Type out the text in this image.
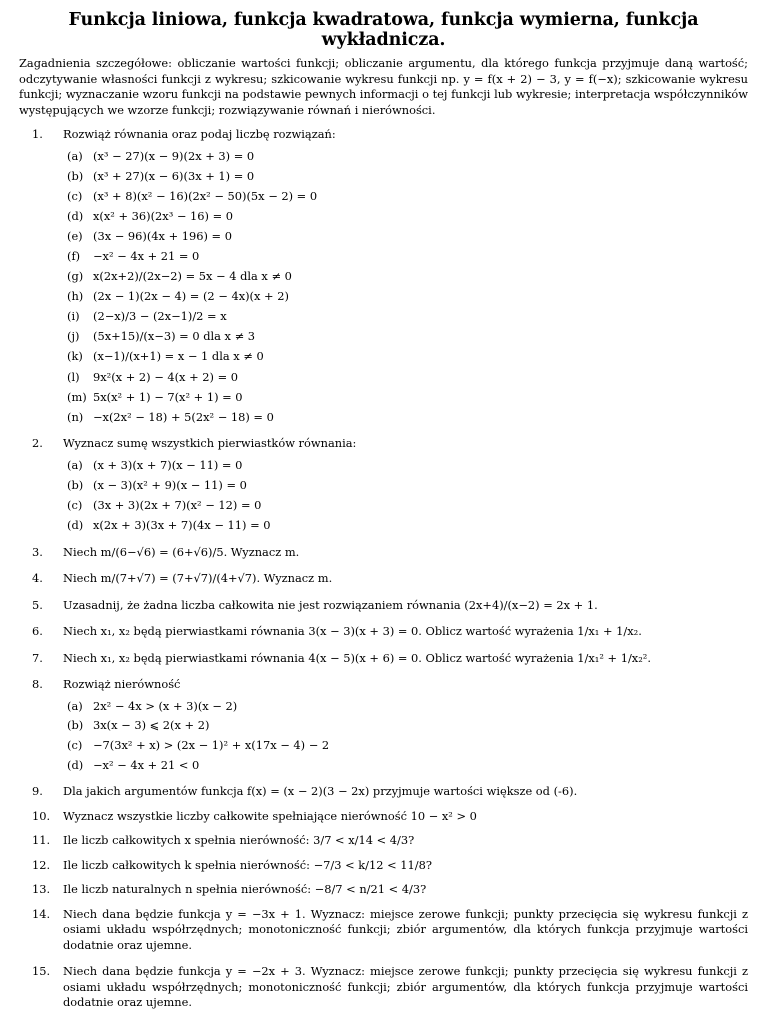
Funkcja liniowa, funkcja kwadratowa, funkcja wymierna, funkcja wykładnicza.

Zagadnienia szczegółowe: obliczanie wartości funkcji; obliczanie argumentu, dla którego funkcja przyjmuje daną wartość; odczytywanie własności funkcji z wykresu; szkicowanie wykresu funkcji np. y = f(x + 2) − 3, y = f(−x); szkicowanie wykresu funkcji; wyznaczanie wzoru funkcji na podstawie pewnych informacji o tej funkcji lub wykresie; interpretacja współczynników występujących we wzorze funkcji; rozwiązywanie równań i nierówności.

1. Rozwiąż równania oraz podaj liczbę rozwiązań:
(a) (x³ − 27)(x − 9)(2x + 3) = 0
(b) (x³ + 27)(x − 6)(3x + 1) = 0
(c) (x³ + 8)(x² − 16)(2x² − 50)(5x − 2) = 0
(d) x(x² + 36)(2x³ − 16) = 0
(e) (3x − 96)(4x + 196) = 0
(f) −x² − 4x + 21 = 0
(g) x(2x+2)/(2x−2) = 5x − 4 dla x ≠ 0
(h) (2x − 1)(2x − 4) = (2 − 4x)(x + 2)
(i) (2−x)/3 − (2x−1)/2 = x
(j) (5x+15)/(x−3) = 0 dla x ≠ 3
(k) (x−1)/(x+1) = x − 1 dla x ≠ 0
(l) 9x²(x + 2) − 4(x + 2) = 0
(m) 5x(x² + 1) − 7(x² + 1) = 0
(n) −x(2x² − 18) + 5(2x² − 18) = 0
2. Wyznacz sumę wszystkich pierwiastków równania:
(a) (x + 3)(x + 7)(x − 11) = 0
(b) (x − 3)(x² + 9)(x − 11) = 0
(c) (3x + 3)(2x + 7)(x² − 12) = 0
(d) x(2x + 3)(3x + 7)(4x − 11) = 0
3. Niech m/(6−√6) = (6+√6)/5. Wyznacz m.
4. Niech m/(7+√7) = (7+√7)/(4+√7). Wyznacz m.
5. Uzasadnij, że żadna liczba całkowita nie jest rozwiązaniem równania (2x+4)/(x−2) = 2x + 1.
6. Niech x₁, x₂ będą pierwiastkami równania 3(x − 3)(x + 3) = 0. Oblicz wartość wyrażenia 1/x₁ + 1/x₂.
7. Niech x₁, x₂ będą pierwiastkami równania 4(x − 5)(x + 6) = 0. Oblicz wartość wyrażenia 1/x₁² + 1/x₂².
8. Rozwiąż nierówność
(a) 2x² − 4x > (x + 3)(x − 2)
(b) 3x(x − 3) ⩽ 2(x + 2)
(c) −7(3x² + x) > (2x − 1)² + x(17x − 4) − 2
(d) −x² − 4x + 21 < 0
9. Dla jakich argumentów funkcja f(x) = (x − 2)(3 − 2x) przyjmuje wartości większe od (-6).
10. Wyznacz wszystkie liczby całkowite spełniające nierówność 10 − x² > 0
11. Ile liczb całkowitych x spełnia nierówność: 3/7 < x/14 < 4/3?
12. Ile liczb całkowitych k spełnia nierówność: −7/3 < k/12 < 11/8?
13. Ile liczb naturalnych n spełnia nierówność: −8/7 < n/21 < 4/3?
14. Niech dana będzie funkcja y = −3x + 1. Wyznacz: miejsce zerowe funkcji; punkty przecięcia się wykresu funkcji z osiami układu współrzędnych; monotoniczność funkcji; zbiór argumentów, dla których funkcja przyjmuje wartości dodatnie oraz ujemne.
15. Niech dana będzie funkcja y = −2x + 3. Wyznacz: miejsce zerowe funkcji; punkty przecięcia się wykresu funkcji z osiami układu współrzędnych; monotoniczność funkcji; zbiór argumentów, dla których funkcja przyjmuje wartości dodatnie oraz ujemne.
